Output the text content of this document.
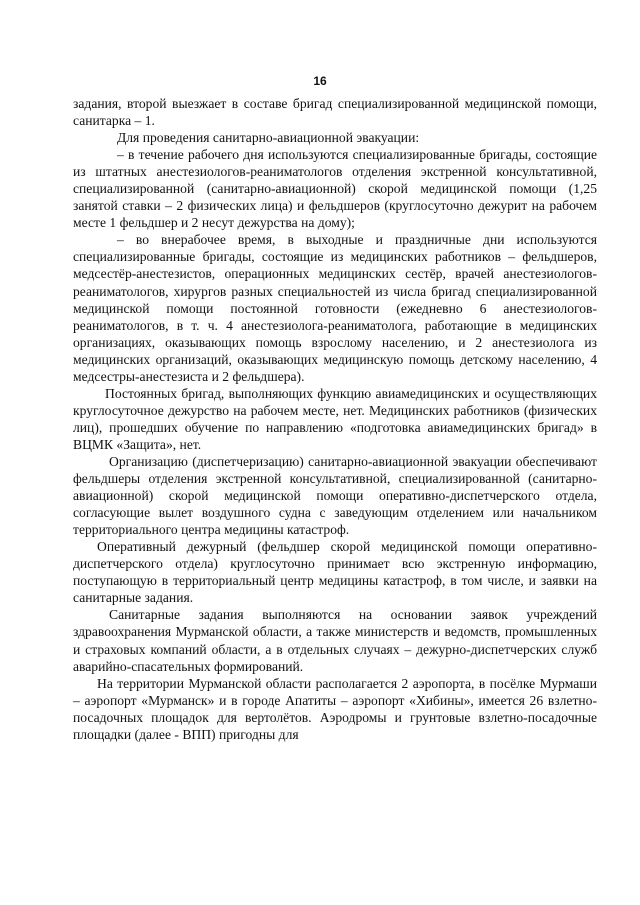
16

задания, второй выезжает в составе бригад специализированной медицинской помощи, санитарка – 1.

Для проведения санитарно-авиационной эвакуации:

– в течение рабочего дня используются специализированные бригады, состоящие из штатных анестезиологов-реаниматологов отделения экстренной консультативной, специализированной (санитарно-авиационной) скорой медицинской помощи (1,25 занятой ставки – 2 физических лица) и фельдшеров (круглосуточно дежурит на рабочем месте 1 фельдшер и 2 несут дежурства на дому);

– во внерабочее время, в выходные и праздничные дни используются специализированные бригады, состоящие из медицинских работников – фельдшеров, медсестёр-анестезистов, операционных медицинских сестёр, врачей анестезиологов-реаниматологов, хирургов разных специальностей из числа бригад специализированной медицинской помощи постоянной готовности (ежедневно 6 анестезиологов-реаниматологов, в т. ч. 4 анестезиолога-реаниматолога, работающие в медицинских организациях, оказывающих помощь взрослому населению, и 2 анестезиолога из медицинских организаций, оказывающих медицинскую помощь детскому населению, 4 медсестры-анестезиста и 2 фельдшера).

Постоянных бригад, выполняющих функцию авиамедицинских и осуществляющих круглосуточное дежурство на рабочем месте, нет. Медицинских работников (физических лиц), прошедших обучение по направлению «подготовка авиамедицинских бригад» в ВЦМК «Защита», нет.

Организацию (диспетчеризацию) санитарно-авиационной эвакуации обеспечивают фельдшеры отделения экстренной консультативной, специализированной (санитарно-авиационной) скорой медицинской помощи оперативно-диспетчерского отдела, согласующие вылет воздушного судна с заведующим отделением или начальником территориального центра медицины катастроф.

Оперативный дежурный (фельдшер скорой медицинской помощи оперативно-диспетчерского отдела) круглосуточно принимает всю экстренную информацию, поступающую в территориальный центр медицины катастроф, в том числе, и заявки на санитарные задания.

Санитарные задания выполняются на основании заявок учреждений здравоохранения Мурманской области, а также министерств и ведомств, промышленных и страховых компаний области, а в отдельных случаях – дежурно-диспетчерских служб аварийно-спасательных формирований.

На территории Мурманской области располагается 2 аэропорта, в посёлке Мурмаши – аэропорт «Мурманск» и в городе Апатиты – аэропорт «Хибины», имеется 26 взлетно-посадочных площадок для вертолётов. Аэродромы и грунтовые взлетно-посадочные площадки (далее - ВПП) пригодны для
